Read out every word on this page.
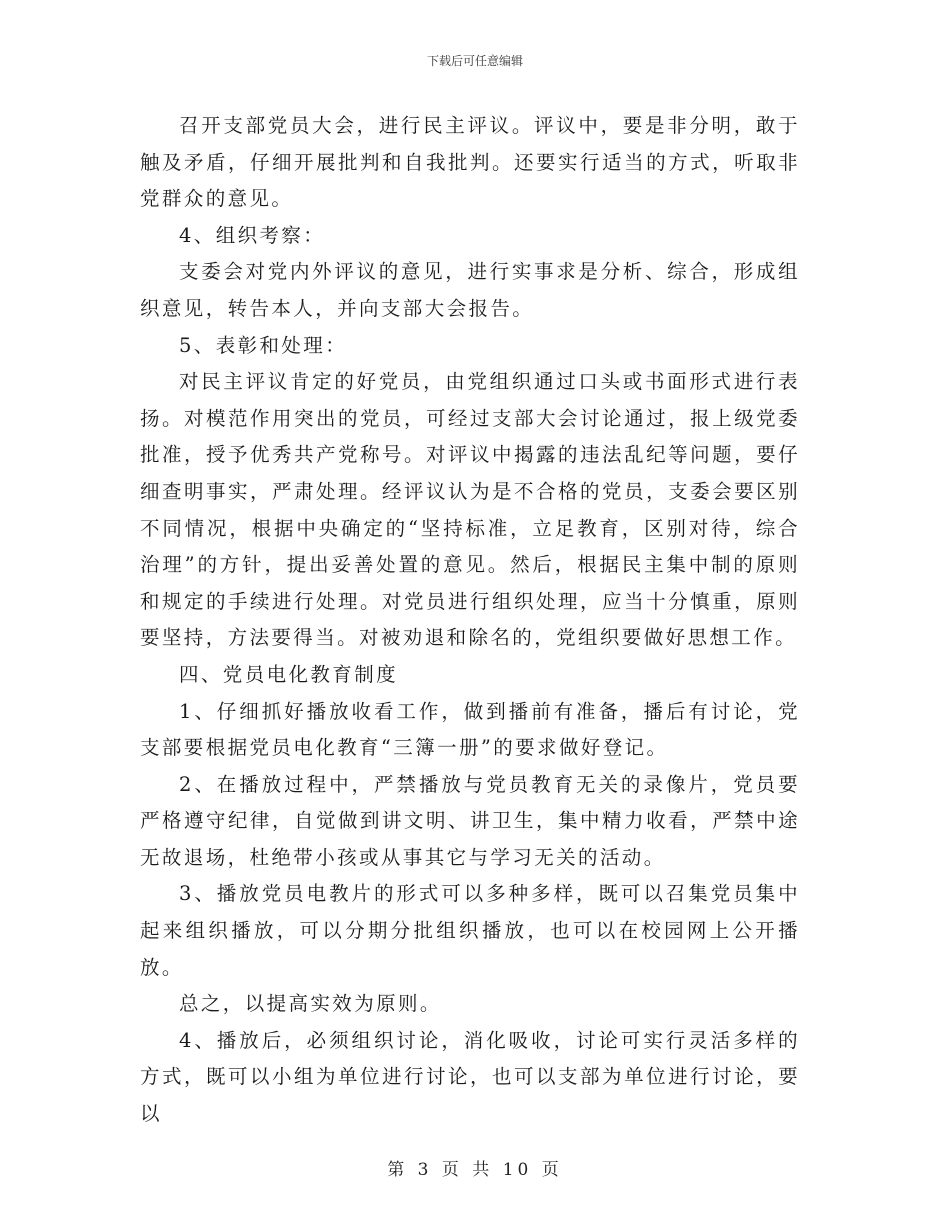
下载后可任意编辑

召开支部党员大会，进行民主评议。评议中，要是非分明，敢于触及矛盾，仔细开展批判和自我批判。还要实行适当的方式，听取非党群众的意见。

4、组织考察：

支委会对党内外评议的意见，进行实事求是分析、综合，形成组织意见，转告本人，并向支部大会报告。

5、表彰和处理：

对民主评议肯定的好党员，由党组织通过口头或书面形式进行表扬。对模范作用突出的党员，可经过支部大会讨论通过，报上级党委批准，授予优秀共产党称号。对评议中揭露的违法乱纪等问题，要仔细查明事实，严肃处理。经评议认为是不合格的党员，支委会要区别不同情况，根据中央确定的“坚持标准，立足教育，区别对待，综合治理”的方针，提出妥善处置的意见。然后，根据民主集中制的原则和规定的手续进行处理。对党员进行组织处理，应当十分慎重，原则要坚持，方法要得当。对被劝退和除名的，党组织要做好思想工作。

四、党员电化教育制度

1、仔细抓好播放收看工作，做到播前有准备，播后有讨论，党支部要根据党员电化教育“三簿一册”的要求做好登记。

2、在播放过程中，严禁播放与党员教育无关的录像片，党员要严格遵守纪律，自觉做到讲文明、讲卫生，集中精力收看，严禁中途无故退场，杜绝带小孩或从事其它与学习无关的活动。

3、播放党员电教片的形式可以多种多样，既可以召集党员集中起来组织播放，可以分期分批组织播放，也可以在校园网上公开播放。

总之，以提高实效为原则。

4、播放后，必须组织讨论，消化吸收，讨论可实行灵活多样的方式，既可以小组为单位进行讨论，也可以支部为单位进行讨论，要以

第 3 页 共 10 页
